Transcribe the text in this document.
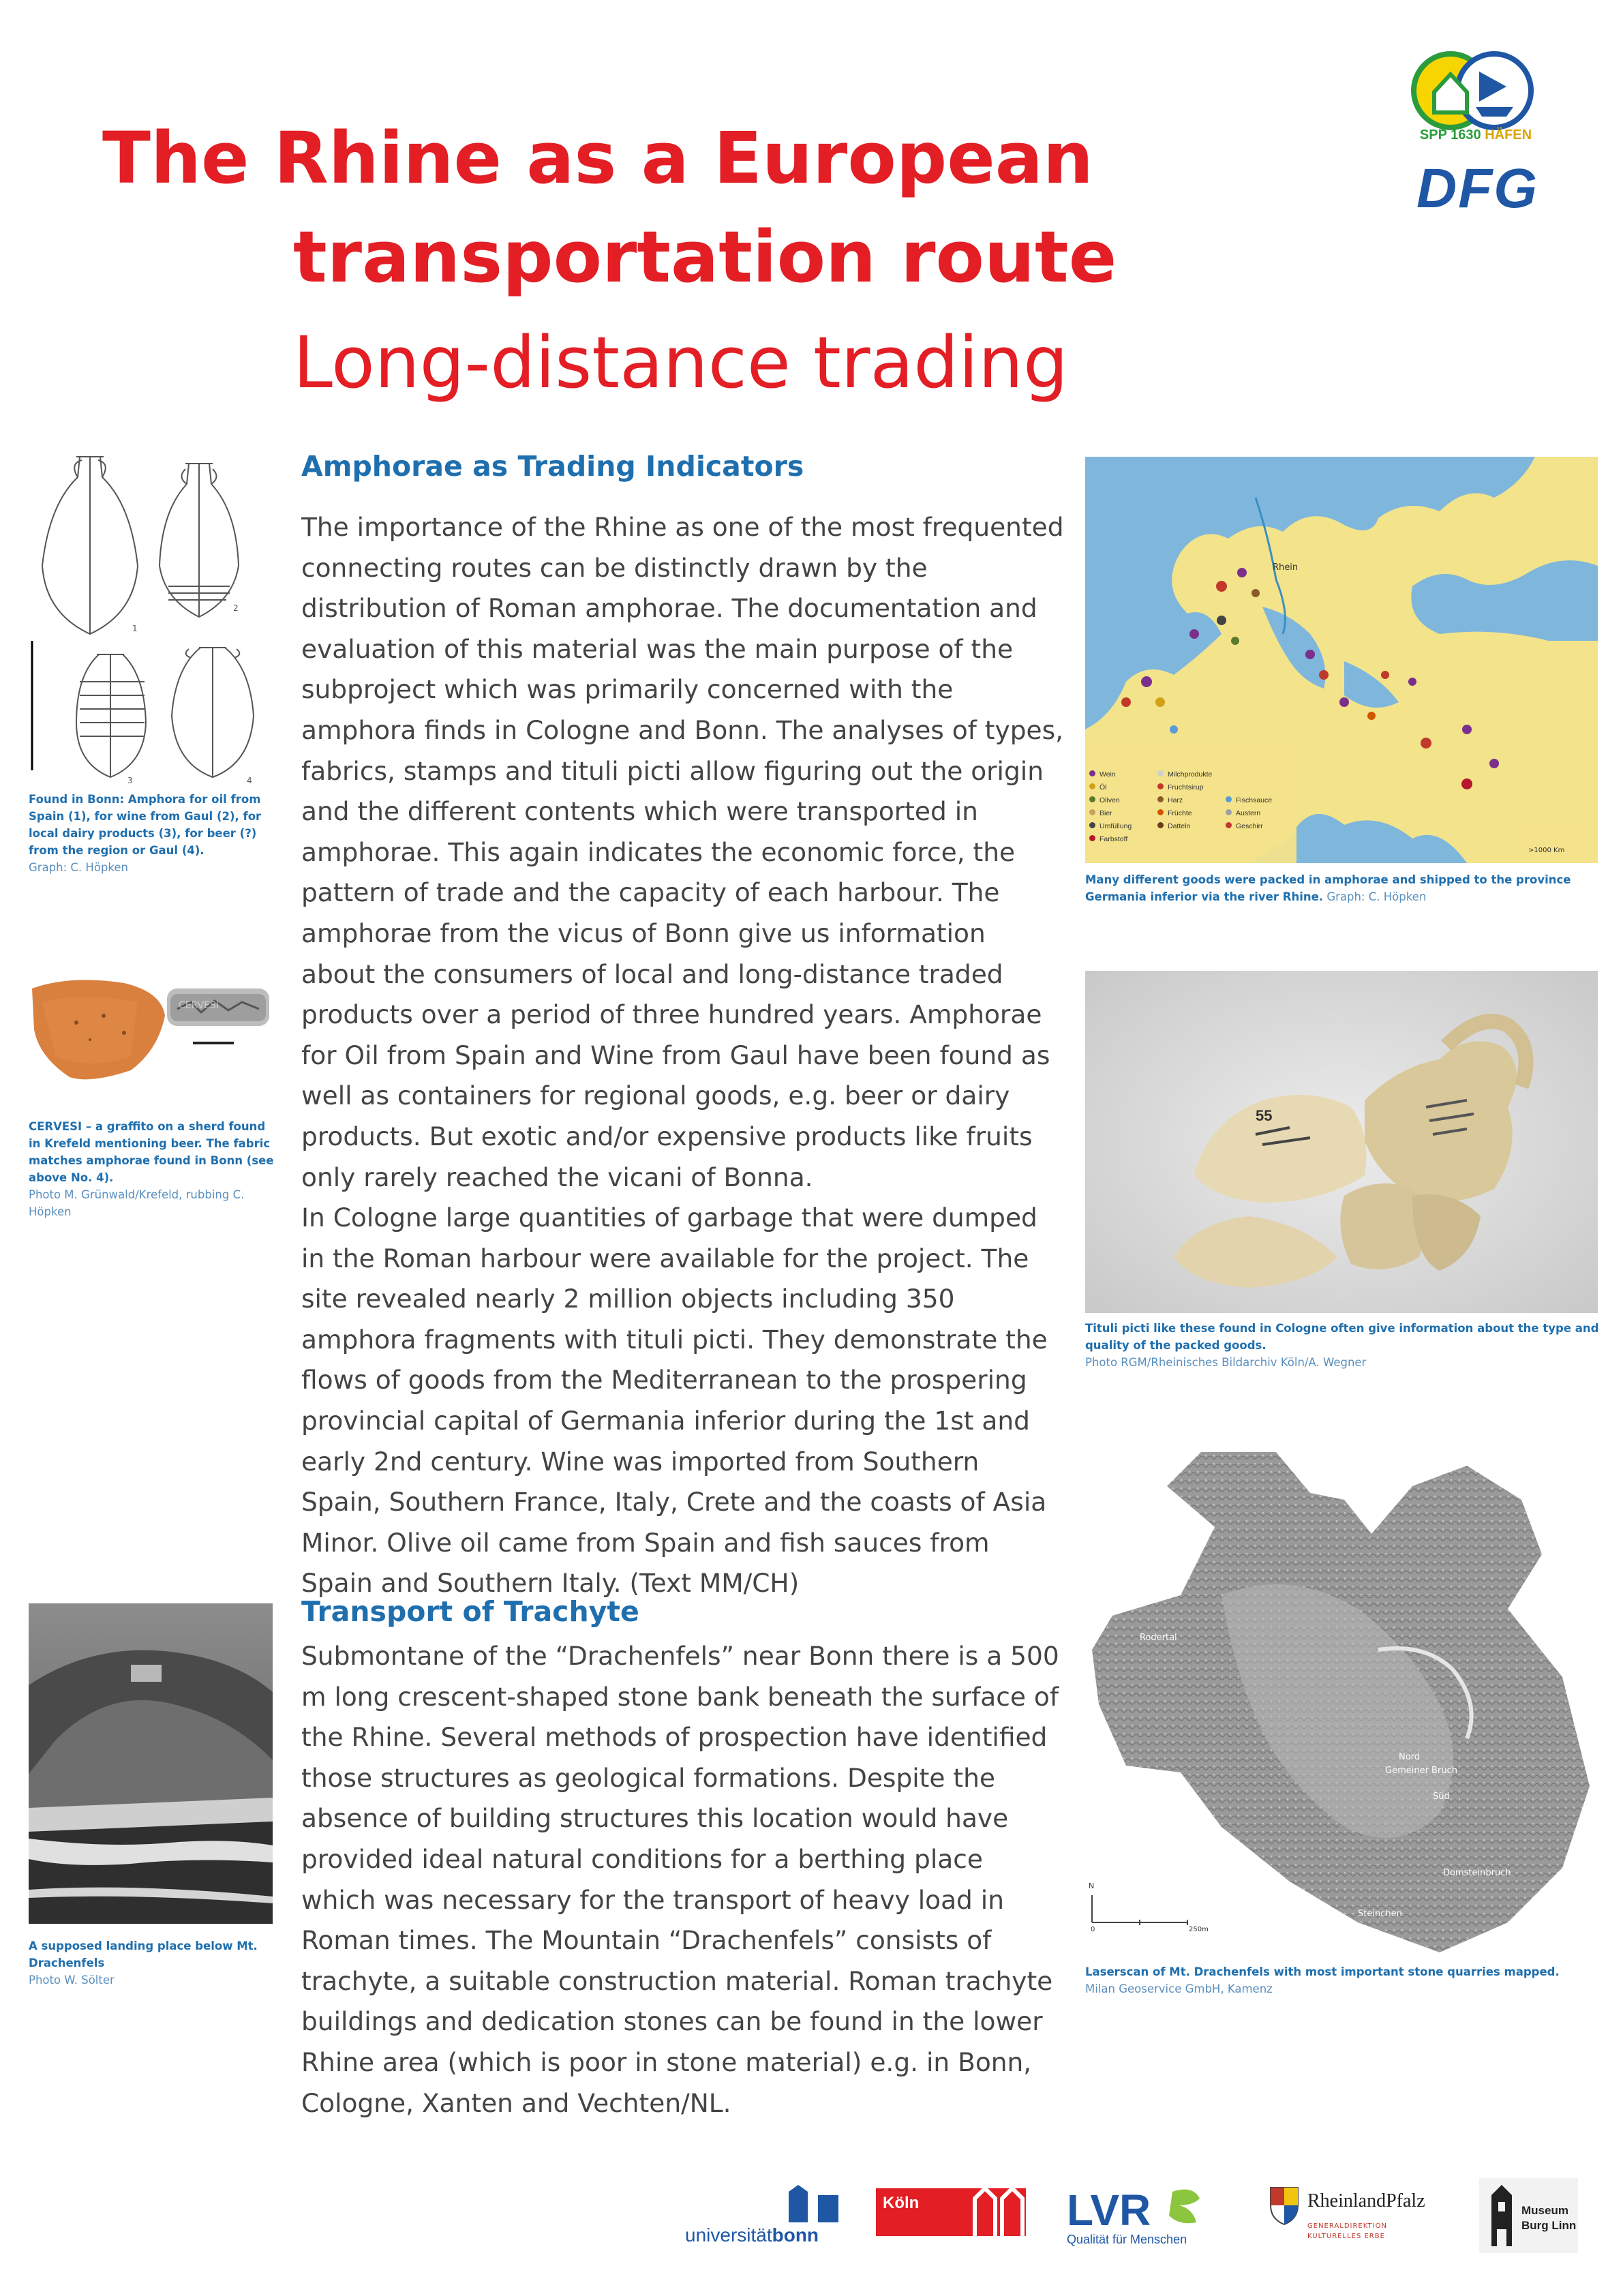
The Rhine as a European
transportation route
Long-distance trading
SPP 1630 HÄFEN
DFG
1
2
3	4
Found in Bonn: Amphora for oil from Spain (1), for wine from Gaul (2), for local dairy products (3), for beer (?) from the region or Gaul (4).
Graph: C. Höpken
CERVESI
CERVESI – a graffito on a sherd found in Krefeld mentioning beer. The fabric matches amphorae found in Bonn (see above No. 4).
Photo M. Grünwald/Krefeld, rubbing C. Höpken
A supposed landing place below Mt. Drachenfels
Photo W. Sölter
Amphorae as Trading Indicators

The importance of the Rhine as one of the most frequented connecting routes can be distinctly drawn by the distribution of Roman amphorae. The documentation and evaluation of this material was the main purpose of the subproject which was primarily concerned with the amphora finds in Cologne and Bonn. The analyses of types, fabrics, stamps and tituli picti allow figuring out the origin and the different contents which were transported in amphorae. This again indicates the economic force, the pattern of trade and the capacity of each harbour. The amphorae from the vicus of Bonn give us information about the consumers of local and long-distance traded products over a period of three hundred years. Amphorae for Oil from Spain and Wine from Gaul have been found as well as containers for regional goods, e.g. beer or dairy products. But exotic and/or expensive products like fruits only rarely reached the vicani of Bonna.

In Cologne large quantities of garbage that were dumped in the Roman harbour were available for the project. The site revealed nearly 2 million objects including 350 amphora fragments with tituli picti. They demonstrate the flows of goods from the Mediterranean to the prospering provincial capital of Germania inferior during the 1st and early 2nd century. Wine was imported from Southern Spain, Southern France, Italy, Crete and the coasts of Asia Minor. Olive oil came from Spain and fish sauces from Spain and Southern Italy. (Text MM/CH)

Transport of Trachyte

Submontane of the “Drachenfels” near Bonn there is a 500 m long crescent-shaped stone bank beneath the surface of the Rhine. Several methods of prospection have identified those structures as geological formations. Despite the absence of building structures this location would have provided ideal natural conditions for a berthing place which was necessary for the transport of heavy load in Roman times. The Mountain “Drachenfels” consists of trachyte, a suitable construction material. Roman trachyte buildings and dedication stones can be found in the lower Rhine area (which is poor in stone material) e.g. in Bonn, Cologne, Xanten and Vechten/NL.

Rhein
Wein
Öl
Oliven
Bier
Umfüllung
Farbstoff
Milchprodukte
Fruchtsirup
Harz
Früchte
Datteln
Fischsauce
Austern
Geschirr
>1000 Km
Many different goods were packed in amphorae and shipped to the province Germania inferior via the river Rhine. Graph: C. Höpken
55
Tituli picti like these found in Cologne often give information about the type and quality of the packed goods.
Photo RGM/Rheinisches Bildarchiv Köln/A. Wegner
Rodertal
Nord
Gemeiner Bruch
Süd
Domsteinbruch
Steinchen
N
0	250m
Laserscan of Mt. Drachenfels with most important stone quarries mapped.
Milan Geoservice GmbH, Kamenz
universitätbonn
Köln	LVR
Qualität für Menschen
RheinlandPfalz
GENERALDIREKTION
KULTURELLES ERBE
Museum
Burg Linn
